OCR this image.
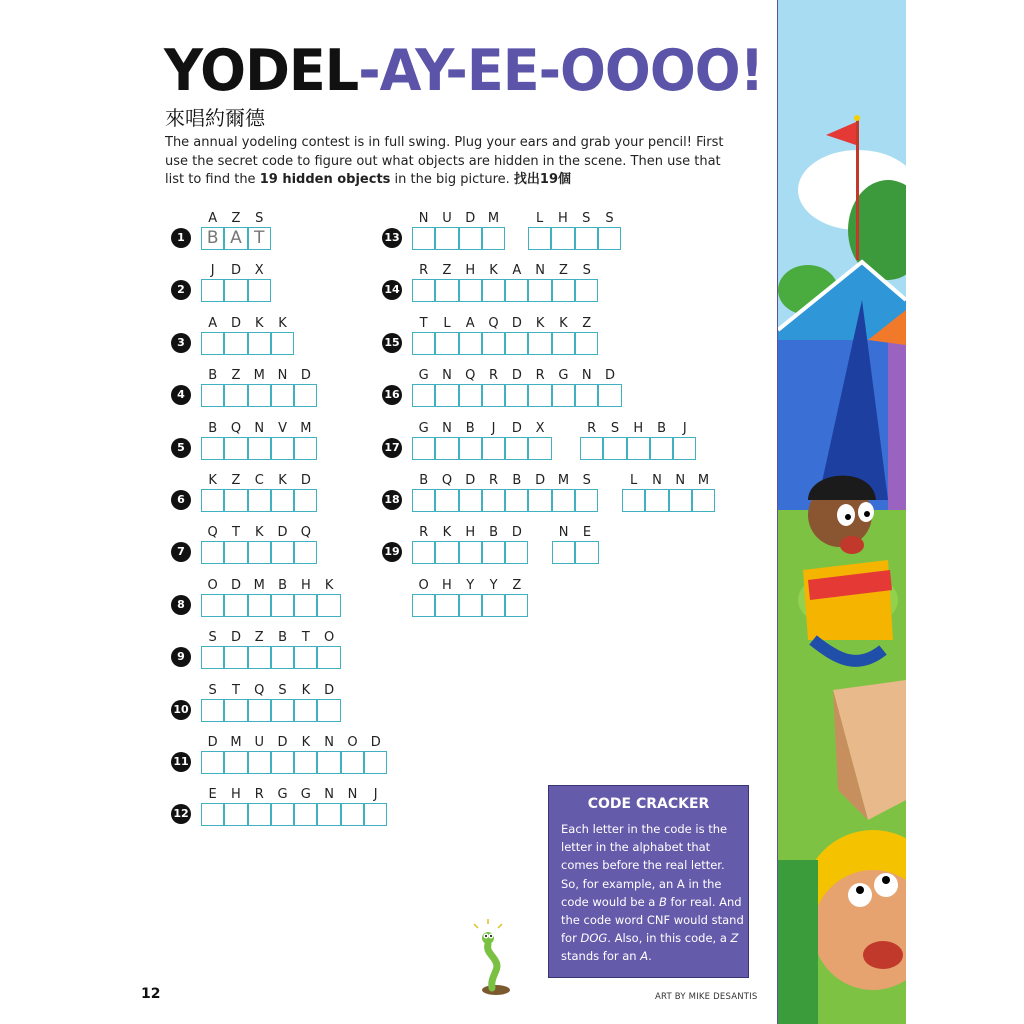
YODEL-AY-EE-OOOO!
來唱約爾德
The annual yodeling contest is in full swing. Plug your ears and grab your pencil! First use the secret code to figure out what objects are hidden in the scene. Then use that list to find the 19 hidden objects in the big picture. 找出19個
1
A Z S
B A T
2
J D X
3
A D K K
4
B Z M N D
5
B Q N V M
6
K Z C K D
7
Q T K D Q
8
O D M B H K
9
S D Z B T O
10
S T Q S K D
11
D M U D K N O D
12
E H R G G N N J
13
N U D M	L H S S
14
R Z H K A N Z S
15
T L A Q D K K Z
16
G N Q R D R G N D
17
G N B J D X	R S H B J
18
B Q D R B D M S	L N N M
19
R K H B D	N E
O H Y Y Z
CODE CRACKER
Each letter in the code is the letter in the alphabet that comes before the real letter. So, for example, an A in the code would be a B for real. And the code word CNF would stand for DOG. Also, in this code, a Z stands for an A.
12	ART BY MIKE DESANTIS
